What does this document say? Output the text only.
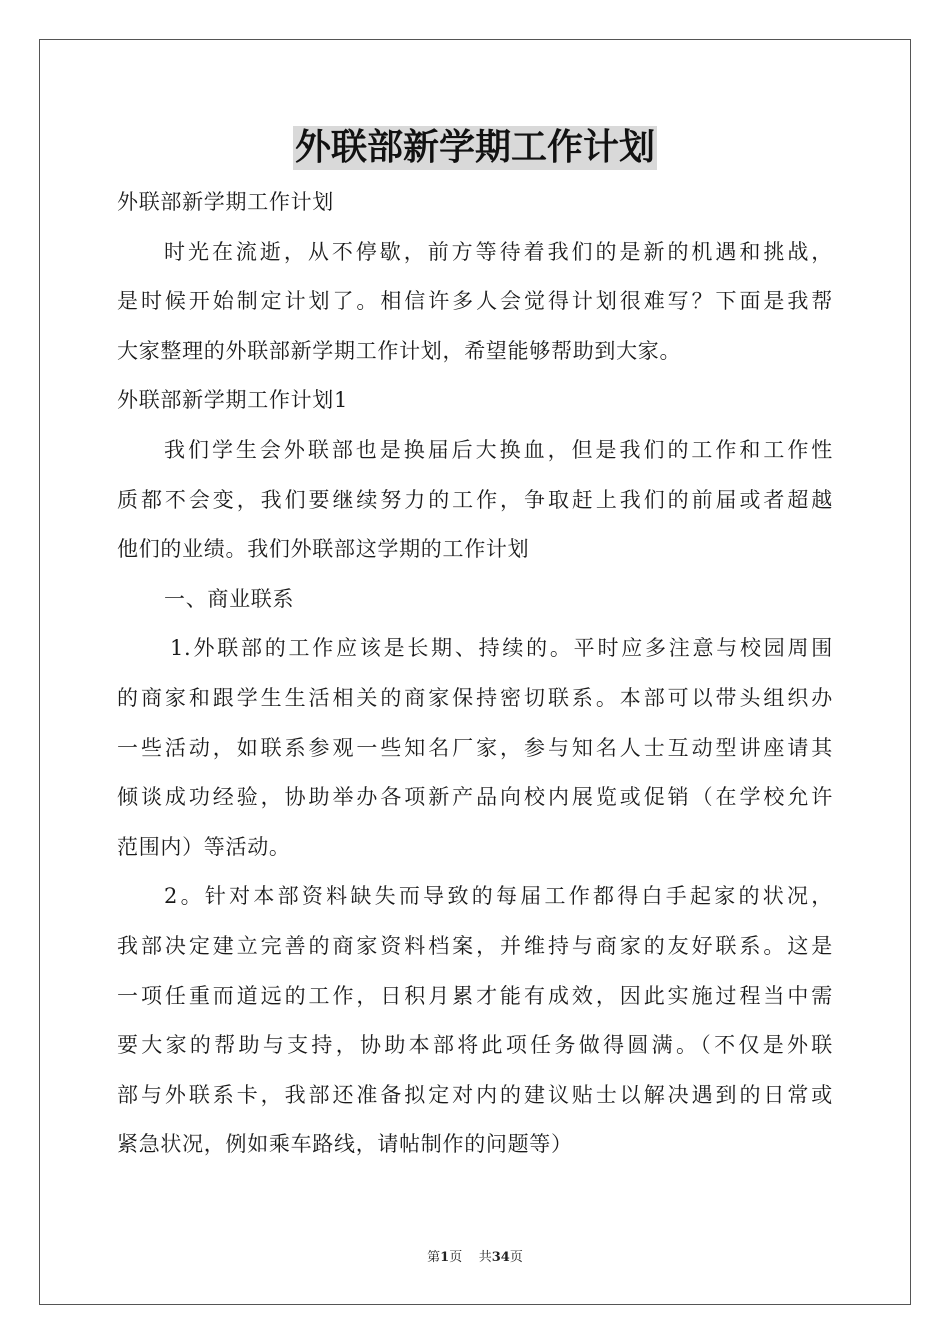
外联部新学期工作计划
外联部新学期工作计划
时光在流逝，从不停歇，前方等待着我们的是新的机遇和挑战，
是时候开始制定计划了。相信许多人会觉得计划很难写？下面是我帮
大家整理的外联部新学期工作计划，希望能够帮助到大家。
外联部新学期工作计划1
我们学生会外联部也是换届后大换血，但是我们的工作和工作性
质都不会变，我们要继续努力的工作，争取赶上我们的前届或者超越
他们的业绩。我们外联部这学期的工作计划
一、商业联系
1.外联部的工作应该是长期、持续的。平时应多注意与校园周围
的商家和跟学生生活相关的商家保持密切联系。本部可以带头组织办
一些活动，如联系参观一些知名厂家，参与知名人士互动型讲座请其
倾谈成功经验，协助举办各项新产品向校内展览或促销（在学校允许
范围内）等活动。
2。针对本部资料缺失而导致的每届工作都得白手起家的状况，
我部决定建立完善的商家资料档案，并维持与商家的友好联系。这是
一项任重而道远的工作，日积月累才能有成效，因此实施过程当中需
要大家的帮助与支持，协助本部将此项任务做得圆满。（不仅是外联
部与外联系卡，我部还准备拟定对内的建议贴士以解决遇到的日常或
紧急状况，例如乘车路线，请帖制作的问题等）
第1页 共34页
